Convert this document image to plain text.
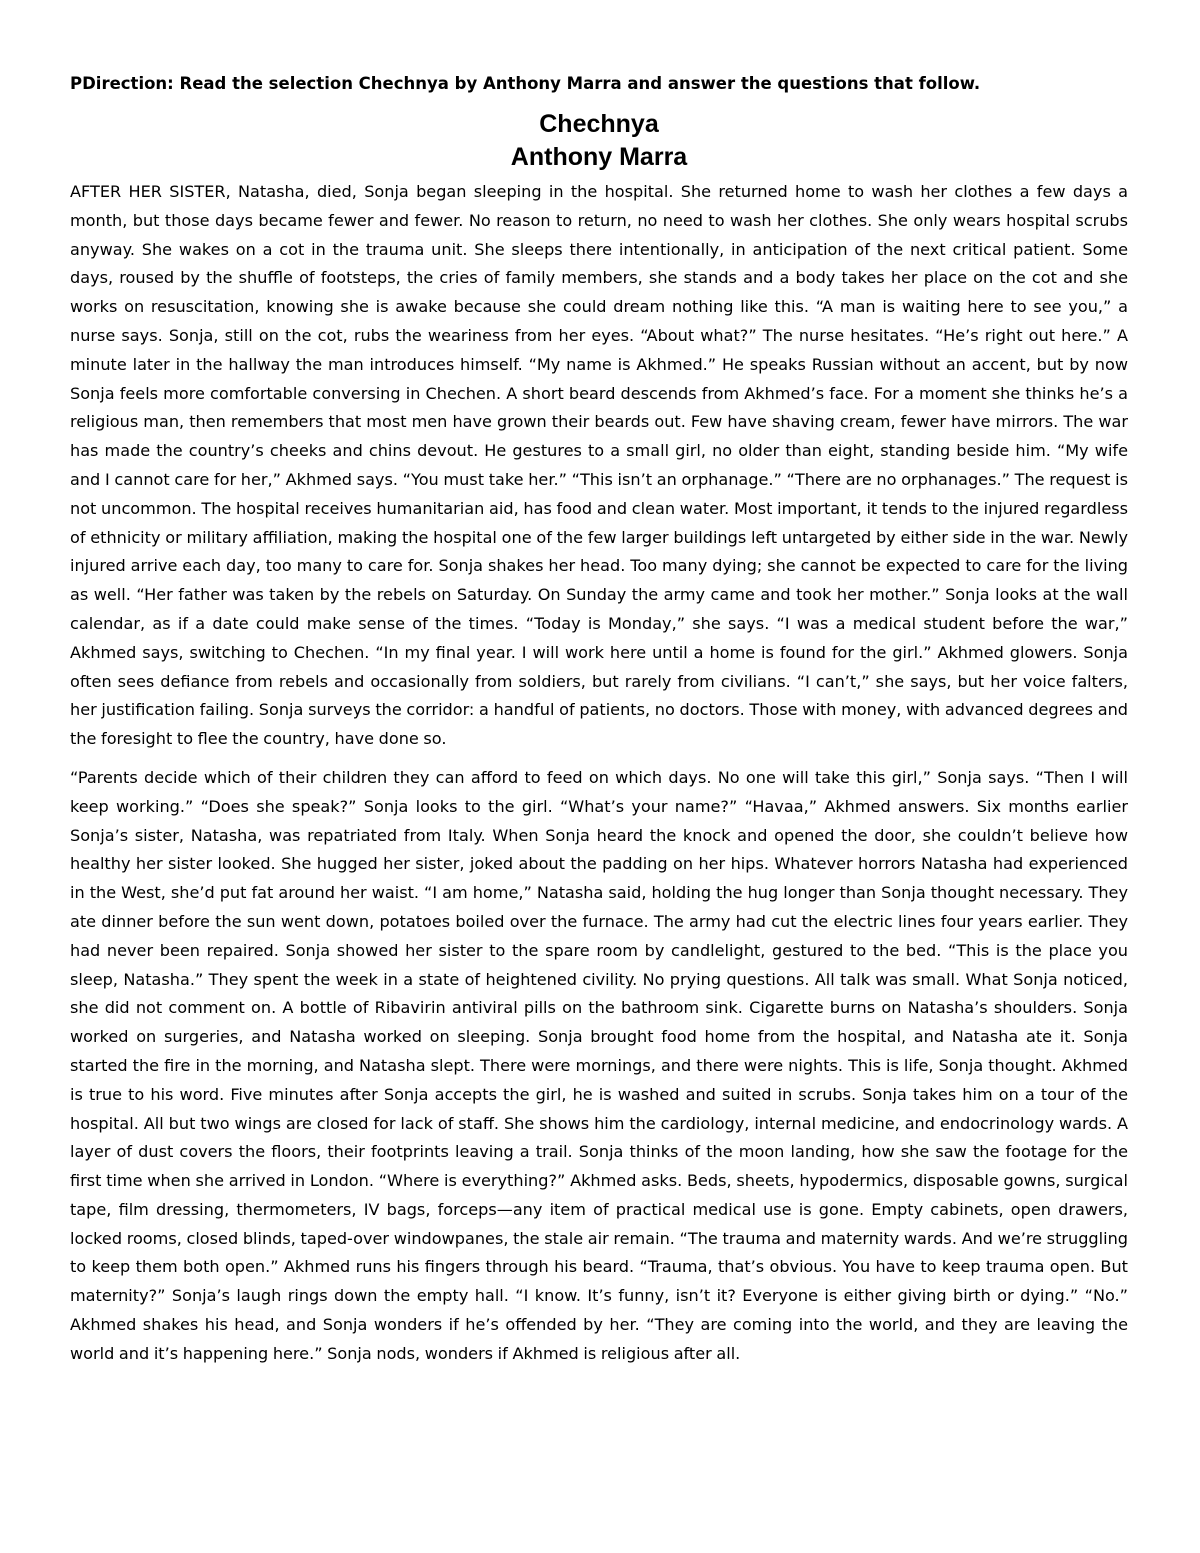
PDirection: Read the selection Chechnya by Anthony Marra and answer the questions that follow.

Chechnya
Anthony Marra

AFTER HER SISTER, Natasha, died, Sonja began sleeping in the hospital. She returned home to wash her clothes a few days a month, but those days became fewer and fewer. No reason to return, no need to wash her clothes. She only wears hospital scrubs anyway. She wakes on a cot in the trauma unit. She sleeps there intentionally, in anticipation of the next critical patient. Some days, roused by the shuffle of footsteps, the cries of family members, she stands and a body takes her place on the cot and she works on resuscitation, knowing she is awake because she could dream nothing like this. “A man is waiting here to see you,” a nurse says. Sonja, still on the cot, rubs the weariness from her eyes. “About what?” The nurse hesitates. “He’s right out here.” A minute later in the hallway the man introduces himself. “My name is Akhmed.” He speaks Russian without an accent, but by now Sonja feels more comfortable conversing in Chechen. A short beard descends from Akhmed’s face. For a moment she thinks he’s a religious man, then remembers that most men have grown their beards out. Few have shaving cream, fewer have mirrors. The war has made the country’s cheeks and chins devout. He gestures to a small girl, no older than eight, standing beside him. “My wife and I cannot care for her,” Akhmed says. “You must take her.” “This isn’t an orphanage.” “There are no orphanages.” The request is not uncommon. The hospital receives humanitarian aid, has food and clean water. Most important, it tends to the injured regardless of ethnicity or military affiliation, making the hospital one of the few larger buildings left untargeted by either side in the war. Newly injured arrive each day, too many to care for. Sonja shakes her head. Too many dying; she cannot be expected to care for the living as well. “Her father was taken by the rebels on Saturday. On Sunday the army came and took her mother.” Sonja looks at the wall calendar, as if a date could make sense of the times. “Today is Monday,” she says. “I was a medical student before the war,” Akhmed says, switching to Chechen. “In my final year. I will work here until a home is found for the girl.” Akhmed glowers. Sonja often sees defiance from rebels and occasionally from soldiers, but rarely from civilians. “I can’t,” she says, but her voice falters, her justification failing. Sonja surveys the corridor: a handful of patients, no doctors. Those with money, with advanced degrees and the foresight to flee the country, have done so.

“Parents decide which of their children they can afford to feed on which days. No one will take this girl,” Sonja says. “Then I will keep working.” “Does she speak?” Sonja looks to the girl. “What’s your name?” “Havaa,” Akhmed answers. Six months earlier Sonja’s sister, Natasha, was repatriated from Italy. When Sonja heard the knock and opened the door, she couldn’t believe how healthy her sister looked. She hugged her sister, joked about the padding on her hips. Whatever horrors Natasha had experienced in the West, she’d put fat around her waist. “I am home,” Natasha said, holding the hug longer than Sonja thought necessary. They ate dinner before the sun went down, potatoes boiled over the furnace. The army had cut the electric lines four years earlier. They had never been repaired. Sonja showed her sister to the spare room by candlelight, gestured to the bed. “This is the place you sleep, Natasha.” They spent the week in a state of heightened civility. No prying questions. All talk was small. What Sonja noticed, she did not comment on. A bottle of Ribavirin antiviral pills on the bathroom sink. Cigarette burns on Natasha’s shoulders. Sonja worked on surgeries, and Natasha worked on sleeping. Sonja brought food home from the hospital, and Natasha ate it. Sonja started the fire in the morning, and Natasha slept. There were mornings, and there were nights. This is life, Sonja thought. Akhmed is true to his word. Five minutes after Sonja accepts the girl, he is washed and suited in scrubs. Sonja takes him on a tour of the hospital. All but two wings are closed for lack of staff. She shows him the cardiology, internal medicine, and endocrinology wards. A layer of dust covers the floors, their footprints leaving a trail. Sonja thinks of the moon landing, how she saw the footage for the first time when she arrived in London. “Where is everything?” Akhmed asks. Beds, sheets, hypodermics, disposable gowns, surgical tape, film dressing, thermometers, IV bags, forceps—any item of practical medical use is gone. Empty cabinets, open drawers, locked rooms, closed blinds, taped-over windowpanes, the stale air remain. “The trauma and maternity wards. And we’re struggling to keep them both open.” Akhmed runs his fingers through his beard. “Trauma, that’s obvious. You have to keep trauma open. But maternity?” Sonja’s laugh rings down the empty hall. “I know. It’s funny, isn’t it? Everyone is either giving birth or dying.” “No.” Akhmed shakes his head, and Sonja wonders if he’s offended by her. “They are coming into the world, and they are leaving the world and it’s happening here.” Sonja nods, wonders if Akhmed is religious after all.
